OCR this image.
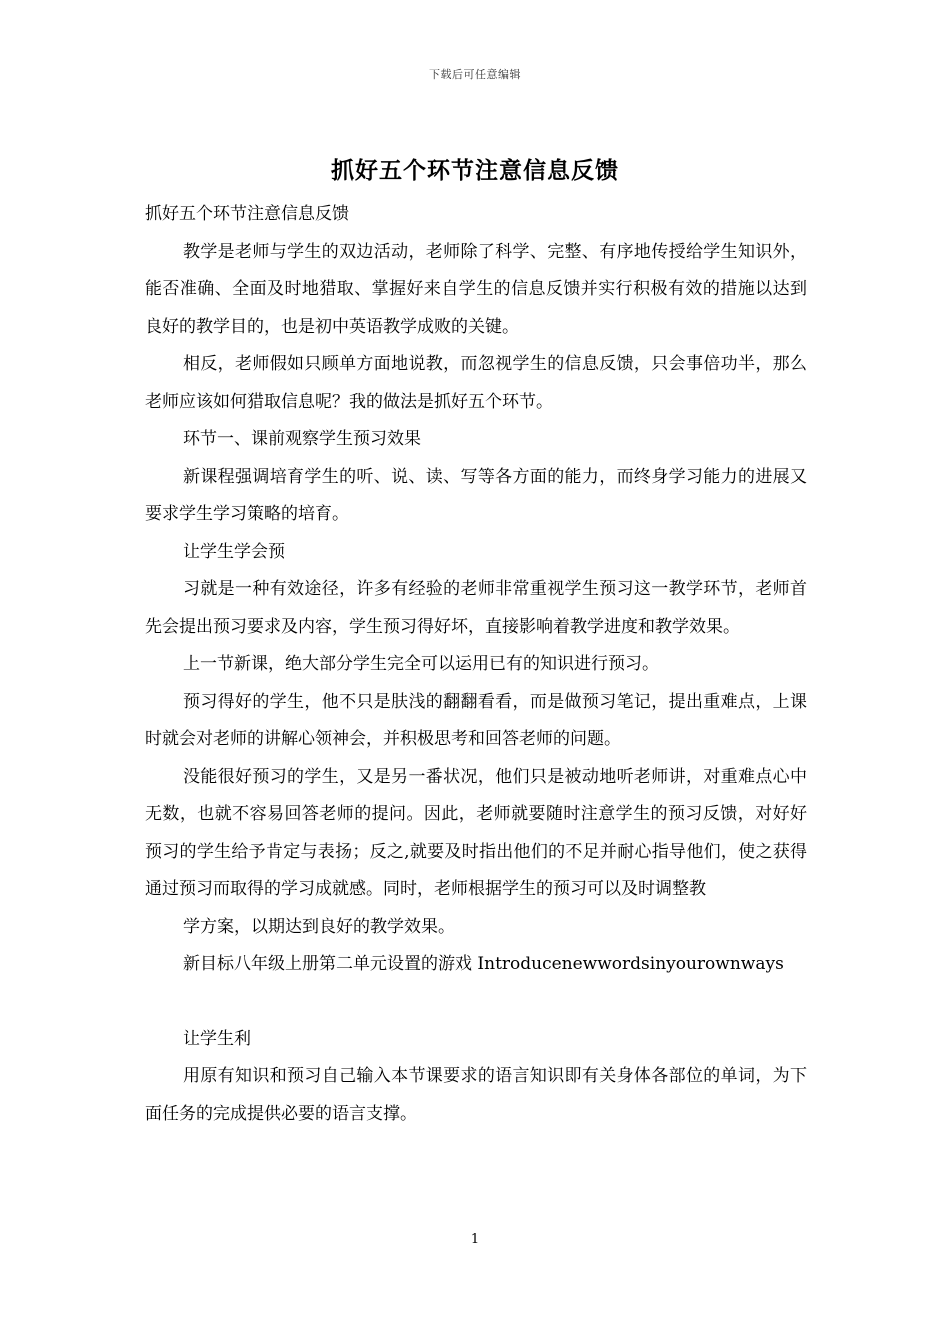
下载后可任意编辑
抓好五个环节注意信息反馈

抓好五个环节注意信息反馈

教学是老师与学生的双边活动，老师除了科学、完整、有序地传授给学生知识外，能否准确、全面及时地猎取、掌握好来自学生的信息反馈并实行积极有效的措施以达到良好的教学目的，也是初中英语教学成败的关键。

相反，老师假如只顾单方面地说教，而忽视学生的信息反馈，只会事倍功半，那么老师应该如何猎取信息呢？我的做法是抓好五个环节。

环节一、课前观察学生预习效果

新课程强调培育学生的听、说、读、写等各方面的能力，而终身学习能力的进展又要求学生学习策略的培育。

让学生学会预

习就是一种有效途径，许多有经验的老师非常重视学生预习这一教学环节，老师首先会提出预习要求及内容，学生预习得好坏，直接影响着教学进度和教学效果。

上一节新课，绝大部分学生完全可以运用已有的知识进行预习。

预习得好的学生，他不只是肤浅的翻翻看看，而是做预习笔记，提出重难点，上课时就会对老师的讲解心领神会，并积极思考和回答老师的问题。

没能很好预习的学生，又是另一番状况，他们只是被动地听老师讲，对重难点心中无数，也就不容易回答老师的提问。因此，老师就要随时注意学生的预习反馈，对好好预习的学生给予肯定与表扬；反之,就要及时指出他们的不足并耐心指导他们，使之获得通过预习而取得的学习成就感。同时，老师根据学生的预习可以及时调整教

学方案，以期达到良好的教学效果。

新目标八年级上册第二单元设置的游戏 Introducenewwordsinyourownways

让学生利

用原有知识和预习自己输入本节课要求的语言知识即有关身体各部位的单词，为下面任务的完成提供必要的语言支撑。

1
